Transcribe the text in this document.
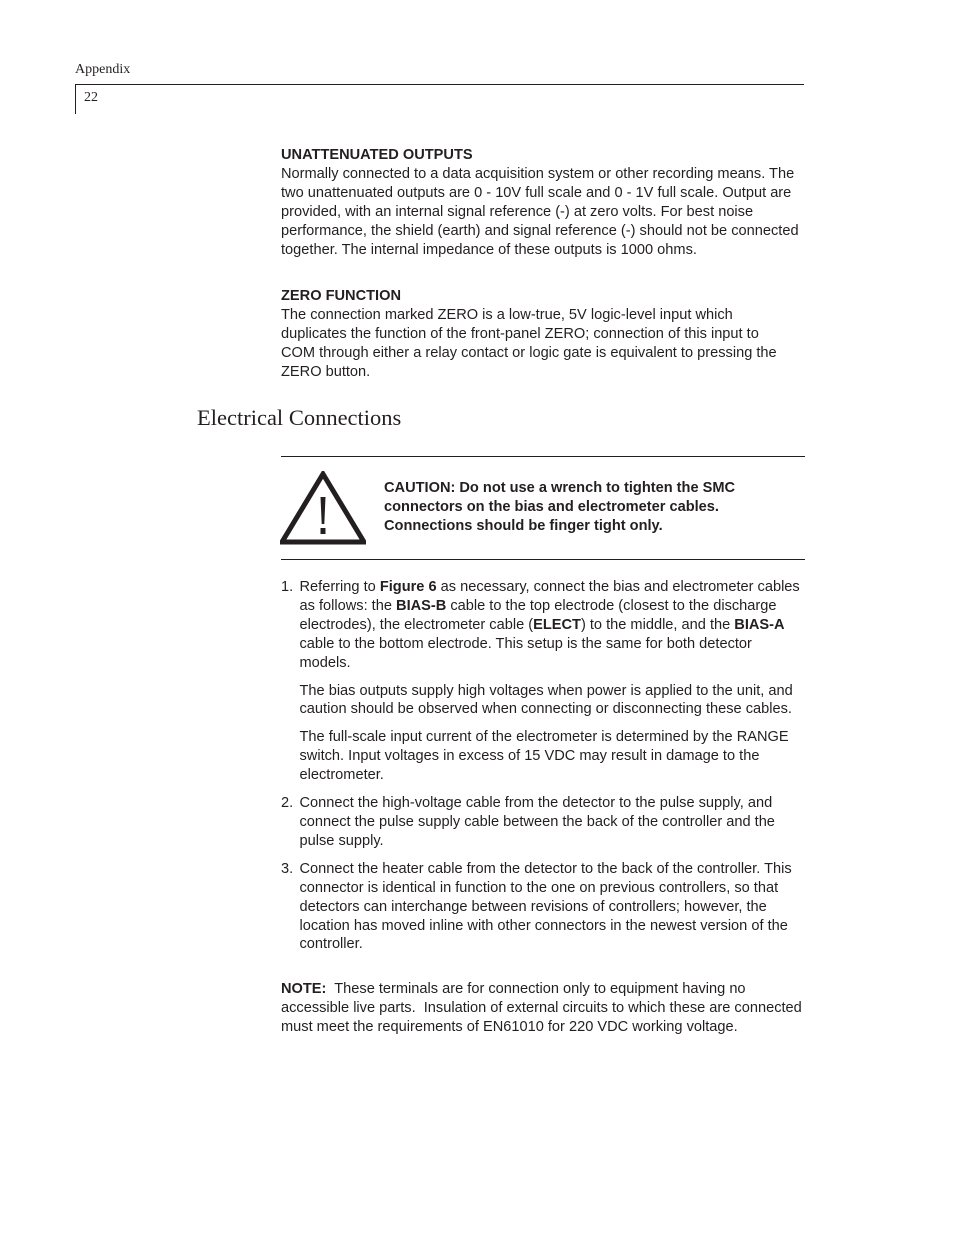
Appendix
22

UNATTENUATED OUTPUTS

Normally connected to a data acquisition system or other recording means. The two unattenuated outputs are 0 - 10V full scale and 0 - 1V full scale. Output are provided, with an internal signal reference (-) at zero volts. For best noise performance, the shield (earth) and signal reference (-) should not be connected together. The internal impedance of these outputs is 1000 ohms.

ZERO FUNCTION

The connection marked ZERO is a low-true, 5V logic-level input which duplicates the function of the front-panel ZERO; connection of this input to COM through either a relay contact or logic gate is equivalent to pressing the ZERO button.

Electrical Connections
CAUTION: Do not use a wrench to tighten the SMC connectors on the bias and electrometer cables. Connections should be finger tight only.
1. Referring to Figure 6 as necessary, connect the bias and electrometer cables as follows: the BIAS-B cable to the top electrode (closest to the discharge electrodes), the electrometer cable (ELECT) to the middle, and the BIAS-A cable to the bottom electrode. This setup is the same for both detector models.

The bias outputs supply high voltages when power is applied to the unit, and caution should be observed when connecting or disconnecting these cables.

The full-scale input current of the electrometer is determined by the RANGE switch. Input voltages in excess of 15 VDC may result in damage to the electrometer.

2. Connect the high-voltage cable from the detector to the pulse supply, and connect the pulse supply cable between the back of the controller and the pulse supply.

3. Connect the heater cable from the detector to the back of the controller. This connector is identical in function to the one on previous controllers, so that detectors can interchange between revisions of controllers; however, the location has moved inline with other connectors in the newest version of the controller.

NOTE:  These terminals are for connection only to equipment having no accessible live parts.  Insulation of external circuits to which these are connected must meet the requirements of EN61010 for 220 VDC working voltage.
